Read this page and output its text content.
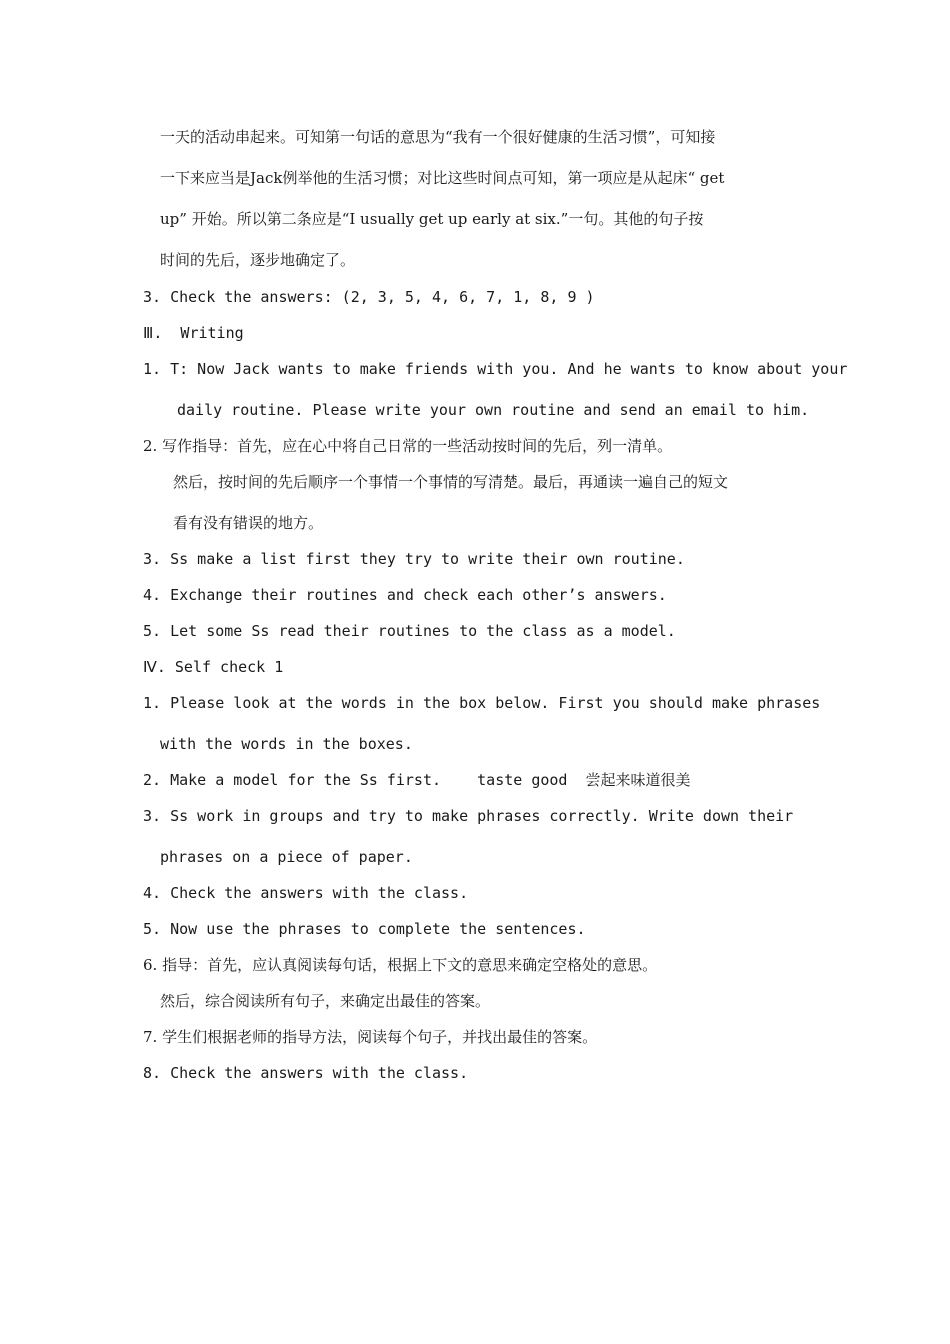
一天的活动串起来。可知第一句话的意思为“我有一个很好健康的生活习惯”，可知接
一下来应当是Jack例举他的生活习惯；对比这些时间点可知，第一项应是从起床“ get
up” 开始。所以第二条应是“I usually get up early at six.”一句。其他的句子按
时间的先后，逐步地确定了。
3. Check the answers: (2, 3, 5, 4, 6, 7, 1, 8, 9 )
Ⅲ.  Writing
1. T: Now Jack wants to make friends with you. And he wants to know about your
daily routine. Please write your own routine and send an email to him.
2. 写作指导：首先，应在心中将自己日常的一些活动按时间的先后，列一清单。
然后，按时间的先后顺序一个事情一个事情的写清楚。最后，再通读一遍自己的短文
看有没有错误的地方。
3. Ss make a list first they try to write their own routine.
4. Exchange their routines and check each other’s answers.
5. Let some Ss read their routines to the class as a model.
Ⅳ. Self check 1
1. Please look at the words in the box below. First you should make phrases
with the words in the boxes.
2. Make a model for the Ss first.    taste good  尝起来味道很美
3. Ss work in groups and try to make phrases correctly. Write down their
phrases on a piece of paper.
4. Check the answers with the class.
5. Now use the phrases to complete the sentences.
6. 指导：首先，应认真阅读每句话，根据上下文的意思来确定空格处的意思。
然后，综合阅读所有句子，来确定出最佳的答案。
7. 学生们根据老师的指导方法，阅读每个句子，并找出最佳的答案。
8. Check the answers with the class.
